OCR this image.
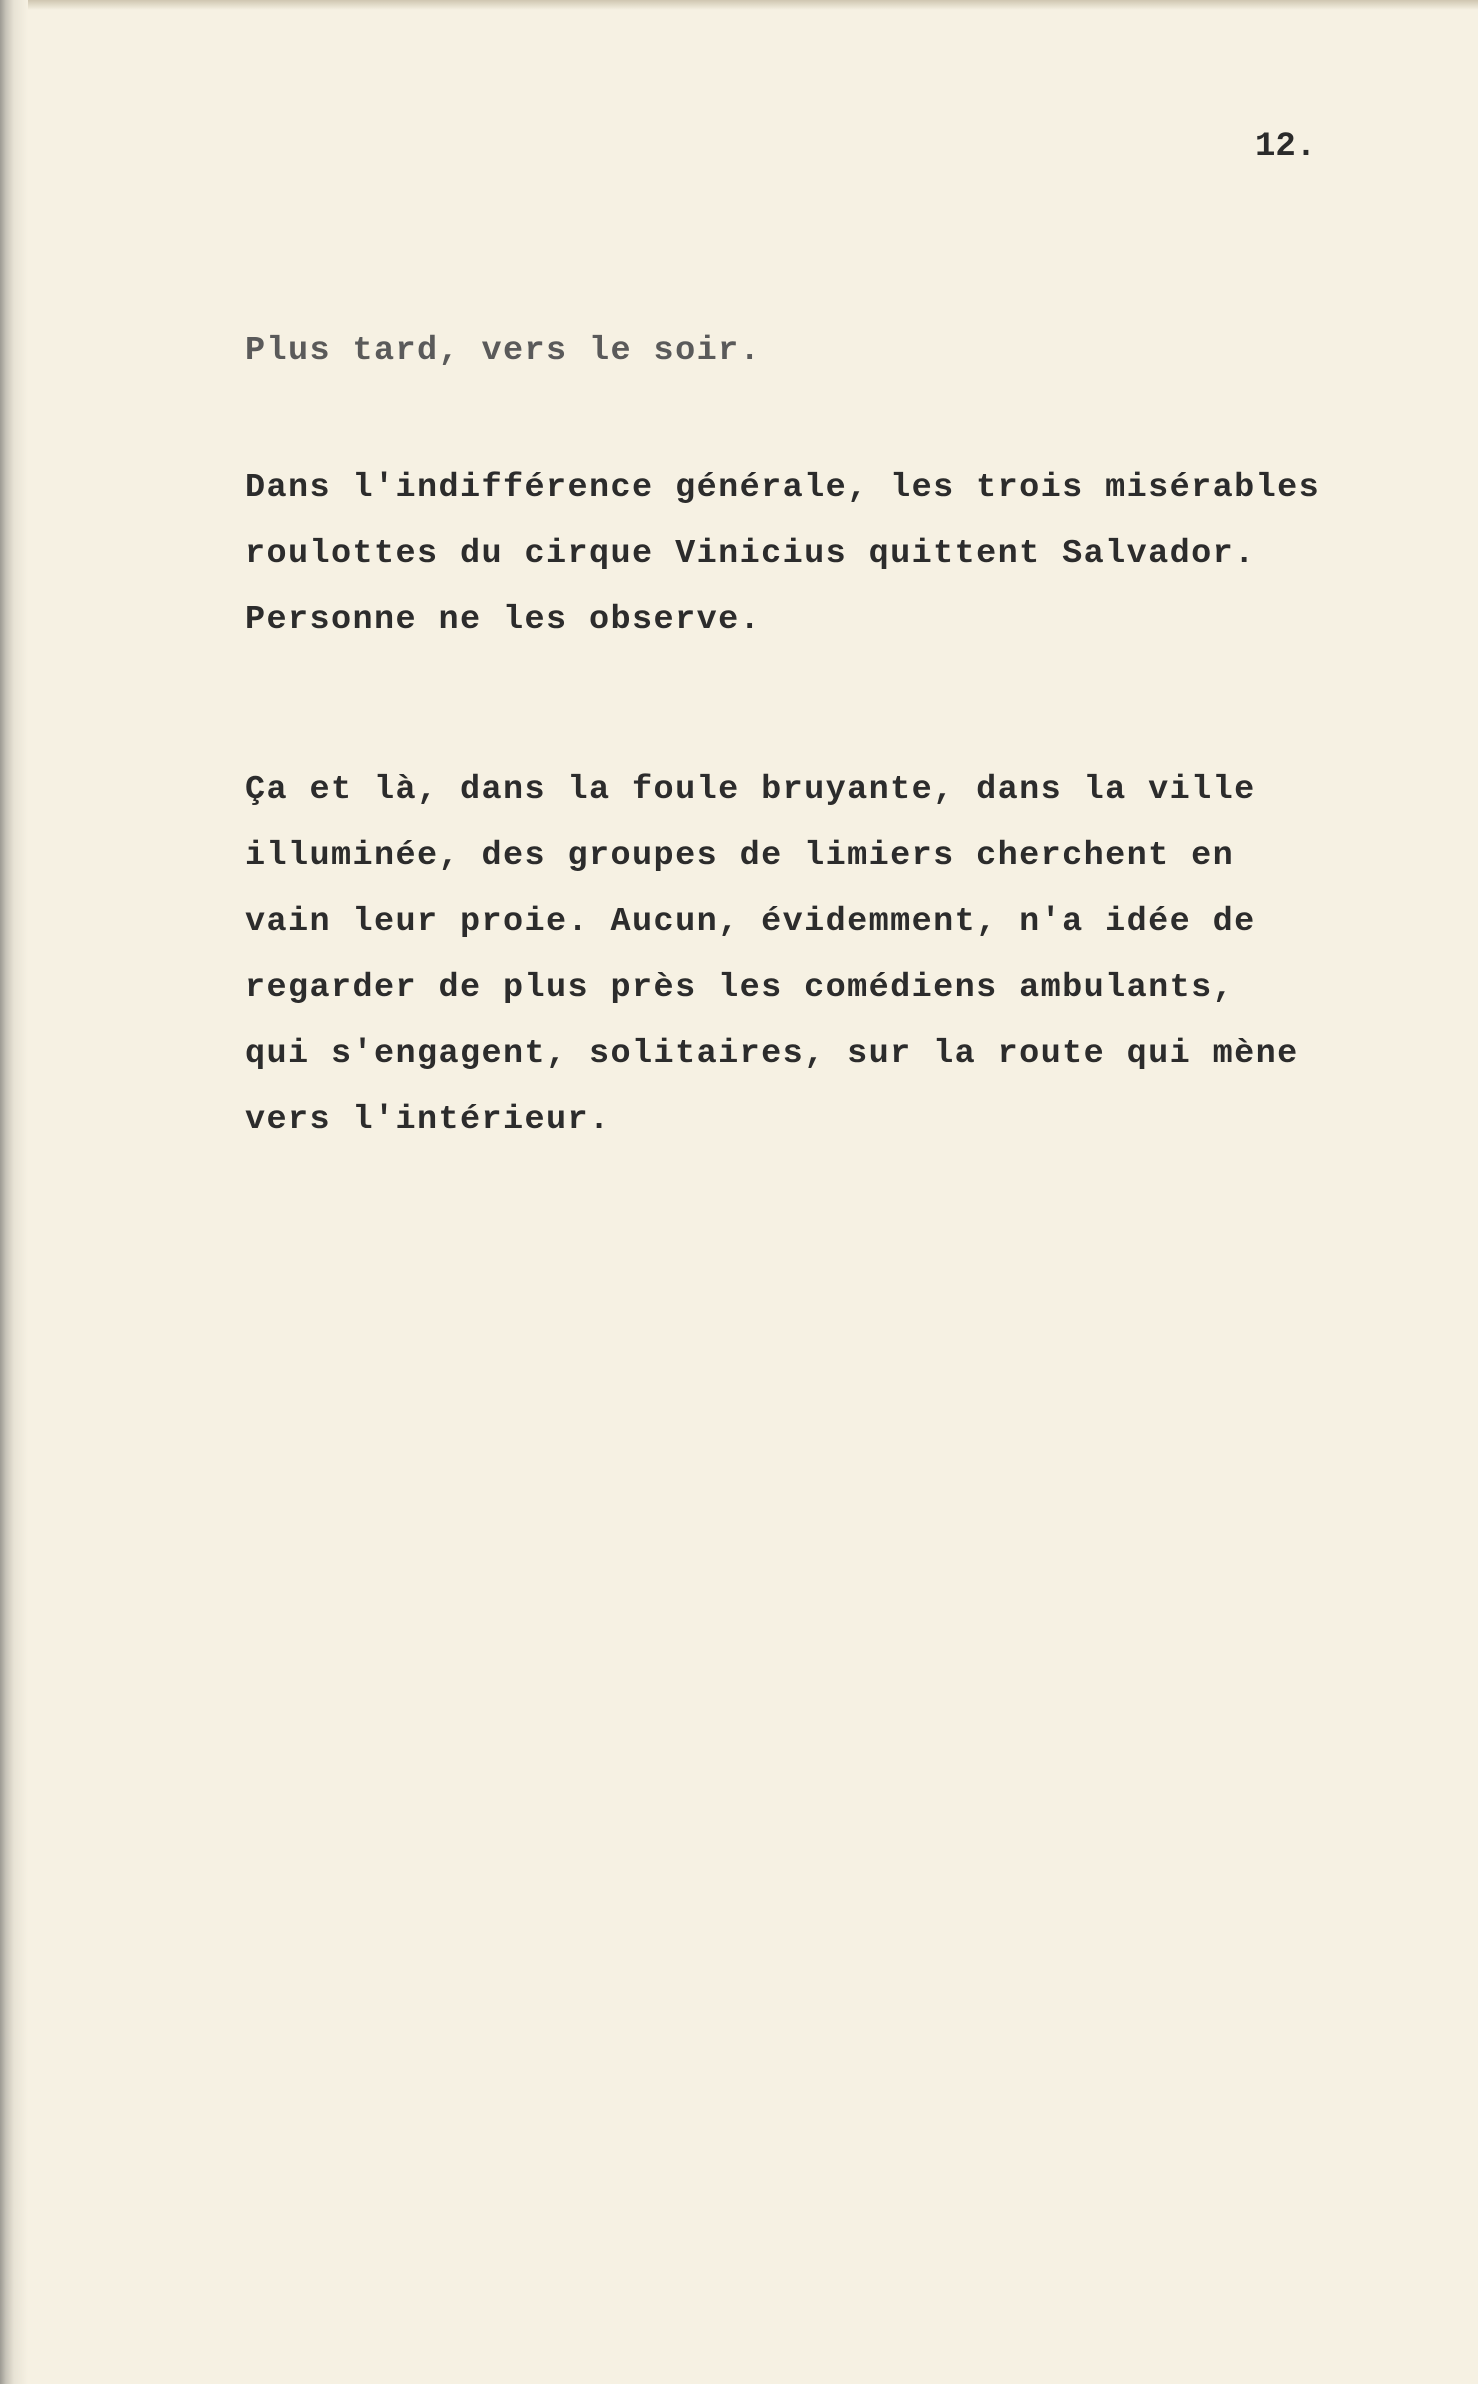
12.
Plus tard, vers le soir.
Dans l'indifférence générale, les trois misérables
roulottes du cirque Vinicius quittent Salvador.
Personne ne les observe.
Ça et là, dans la foule bruyante, dans la ville
illuminée, des groupes de limiers cherchent en
vain leur proie. Aucun, évidemment, n'a idée de
regarder de plus près les comédiens ambulants,
qui s'engagent, solitaires, sur la route qui mène
vers l'intérieur.
